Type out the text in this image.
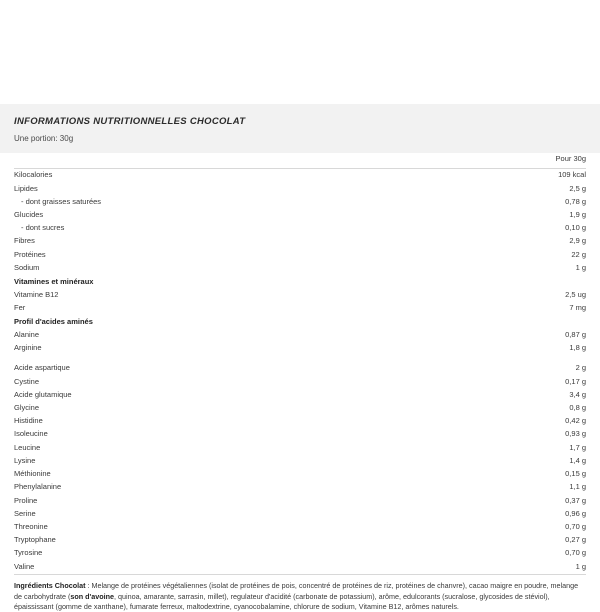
INFORMATIONS NUTRITIONNELLES CHOCOLAT
Une portion: 30g
	Pour 30g
Kilocalories	109 kcal
Lipides	2,5 g
- dont graisses saturées	0,78 g
Glucides	1,9 g
- dont sucres	0,10 g
Fibres	2,9 g
Protéines	22 g
Sodium	1 g
Vitamines et minéraux	
Vitamine B12	2,5 ug
Fer	7 mg
Profil d'acides aminés	
Alanine	0,87 g
Arginine	1,8 g

Acide aspartique	2 g
Cystine	0,17 g
Acide glutamique	3,4 g
Glycine	0,8 g
Histidine	0,42 g
Isoleucine	0,93 g
Leucine	1,7 g
Lysine	1,4 g
Méthionine	0,15 g
Phenylalanine	1,1 g
Proline	0,37 g
Serine	0,96 g
Threonine	0,70 g
Tryptophane	0,27 g
Tyrosine	0,70 g
Valine	1 g
Ingrédients Chocolat : Melange de protéines végétaliennes (isolat de protéines de pois, concentré de protéines de riz, protéines de chanvre), cacao maigre en poudre, melange de carbohydrate (son d'avoine, quinoa, amarante, sarrasin, millet), regulateur d'acidité (carbonate de potassium), arôme, edulcorants (sucralose, glycosides de stéviol), épaississant (gomme de xanthane), fumarate ferreux, maltodextrine, cyanocobalamine, chlorure de sodium, Vitamine B12, arômes naturels.
